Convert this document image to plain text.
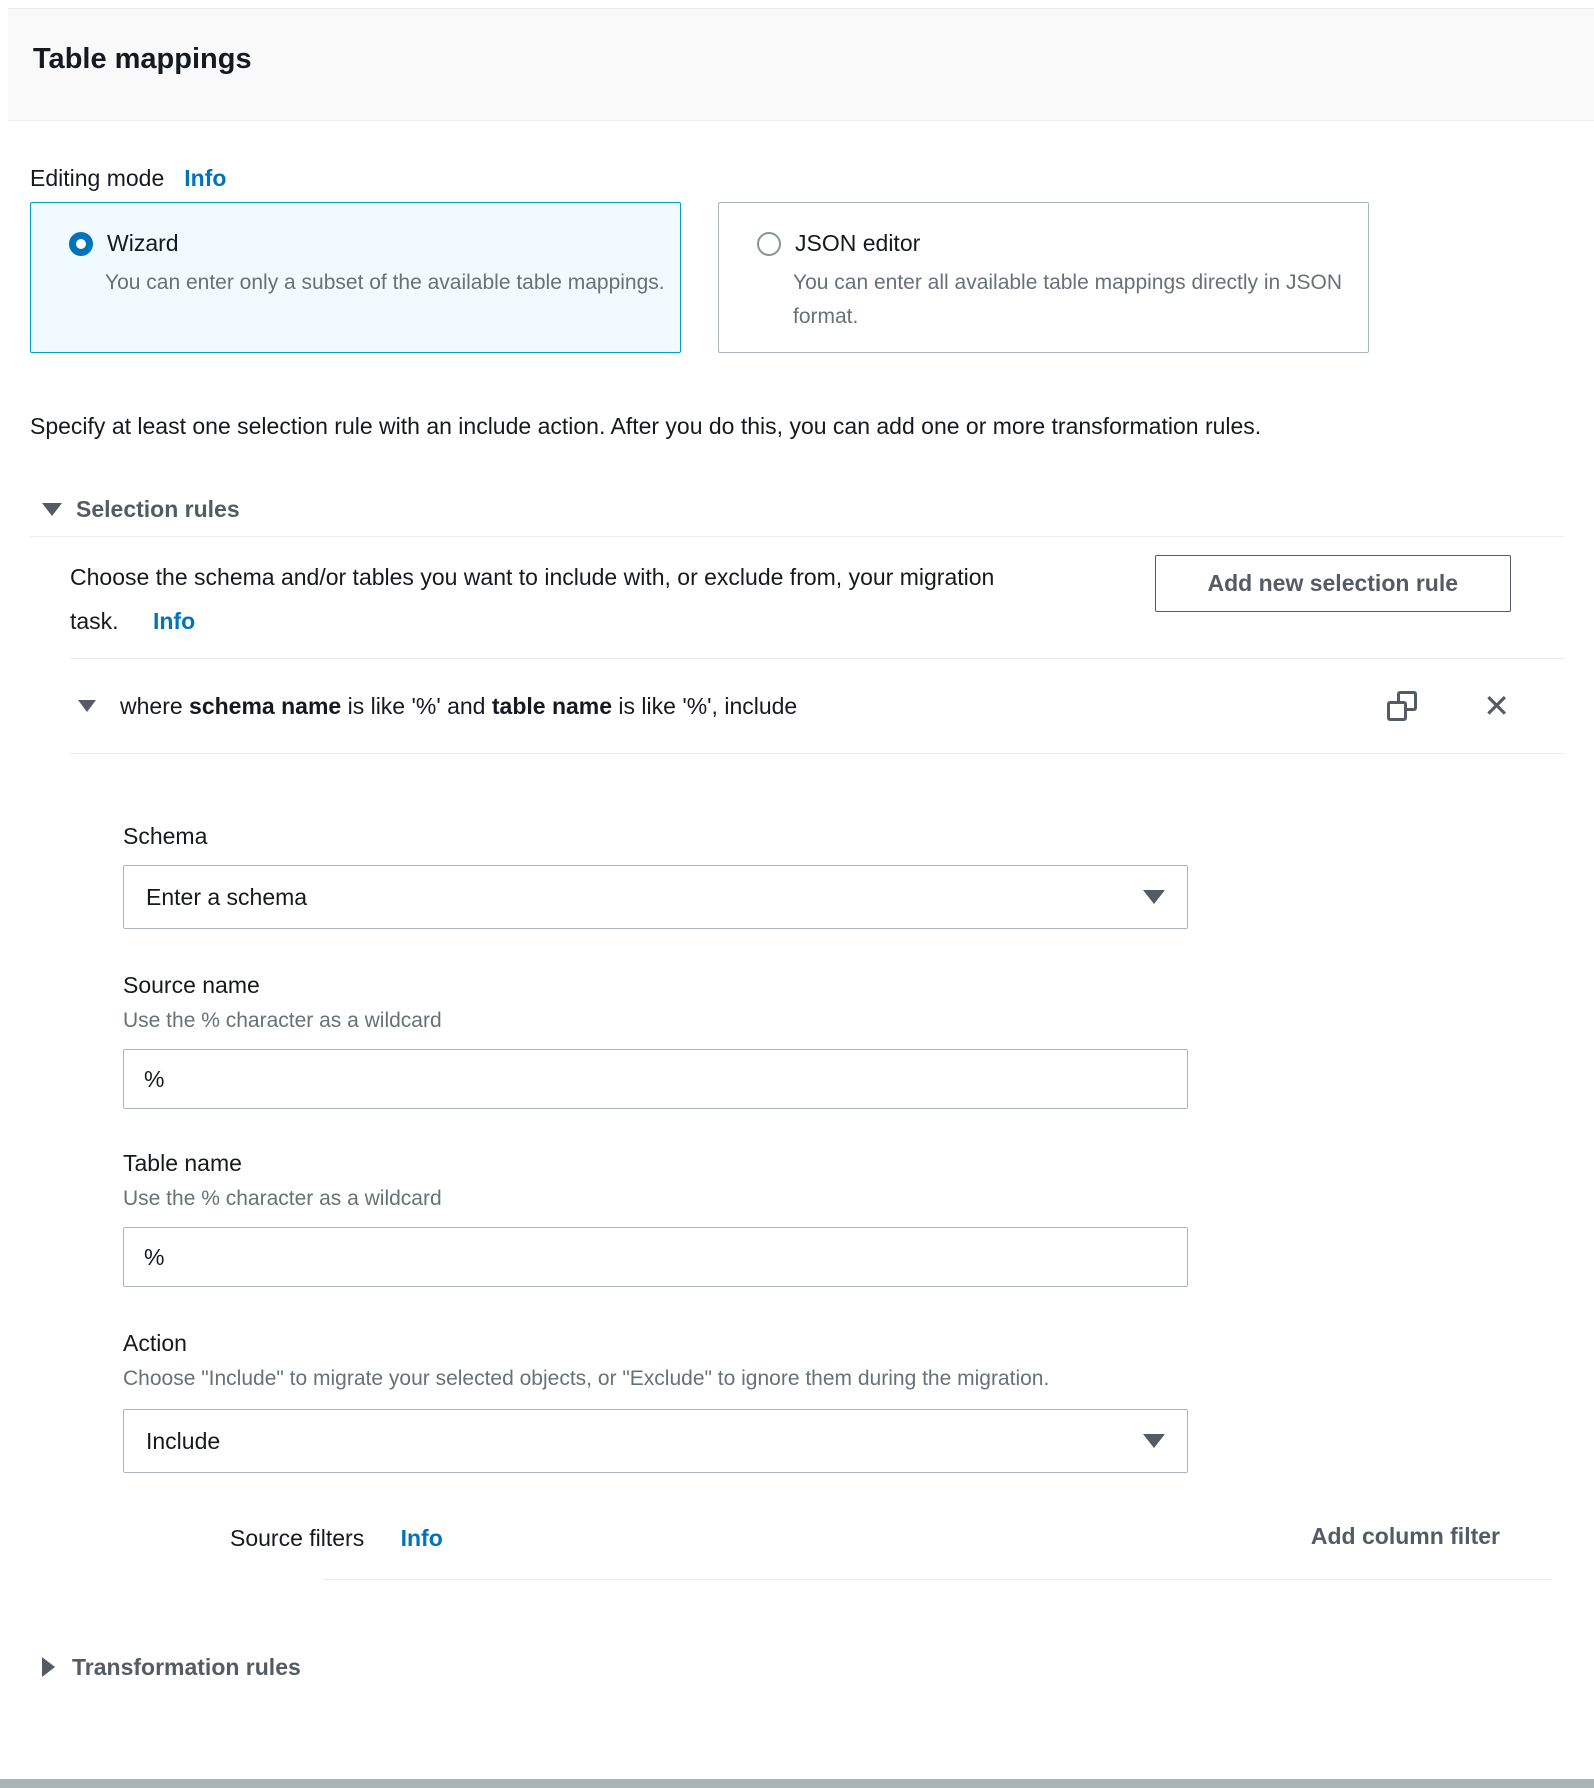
Table mappings
Editing mode Info
Wizard
You can enter only a subset of the available table mappings.
JSON editor
You can enter all available table mappings directly in JSON format.
Specify at least one selection rule with an include action. After you do this, you can add one or more transformation rules.
Selection rules
Choose the schema and/or tables you want to include with, or exclude from, your migration task. Info
Add new selection rule
where schema name is like '%' and table name is like '%', include	✕
Schema
Enter a schema
Source name
Use the % character as a wildcard
%
Table name
Use the % character as a wildcard
%
Action
Choose "Include" to migrate your selected objects, or "Exclude" to ignore them during the migration.
Include
Source filters Info	Add column filter
Transformation rules
